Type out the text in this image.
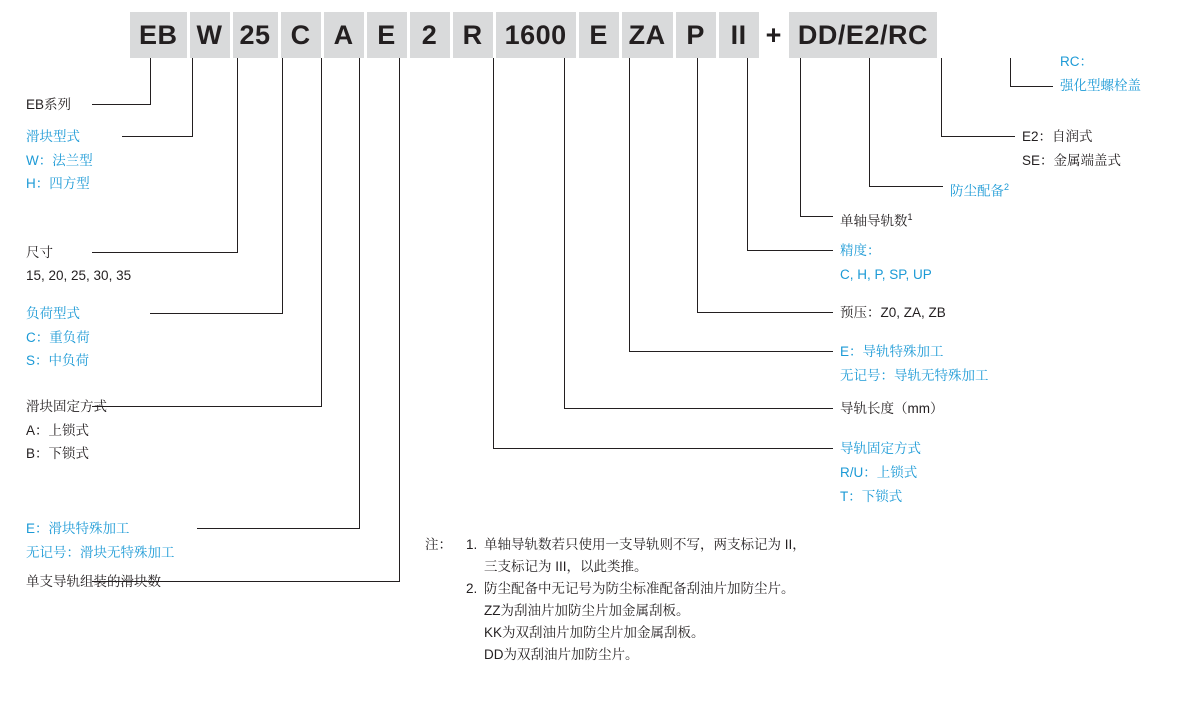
EB W 25 C A E 2 R 1600 E ZA P II + DD/E2/RC
EB系列
滑块型式
W：法兰型
H：四方型
尺寸
15, 20, 25, 30, 35
负荷型式
C：重负荷
S：中负荷
滑块固定方式
A：上锁式
B：下锁式
E：滑块特殊加工
无记号：滑块无特殊加工
单支导轨组装的滑块数
RC：
强化型螺栓盖
E2：自润式
SE：金属端盖式
防尘配备$^2$
单轴导轨数$^1$
精度：
C, H, P, SP, UP
预压：Z0, ZA, ZB
E：导轨特殊加工
无记号：导轨无特殊加工
导轨长度（mm）
导轨固定方式
R/U：上锁式
T：下锁式
注： 1. 单轴导轨数若只使用一支导轨则不写，两支标记为 II，
三支标记为 III，以此类推。
2. 防尘配备中无记号为防尘标准配备刮油片加防尘片。
ZZ为刮油片加防尘片加金属刮板。
KK为双刮油片加防尘片加金属刮板。
DD为双刮油片加防尘片。
